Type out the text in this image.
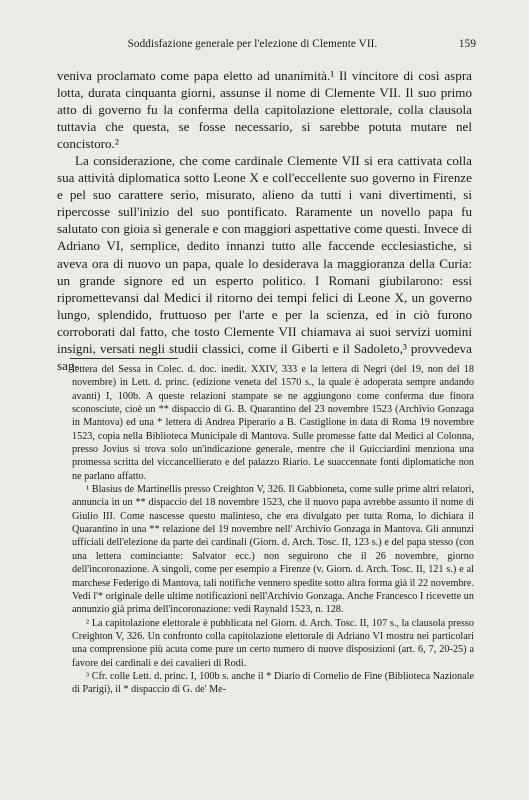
Soddisfazione generale per l'elezione di Clemente VII.	159

veniva proclamato come papa eletto ad unanimità.¹ Il vincitore di così aspra lotta, durata cinquanta giorni, assunse il nome di Clemente VII. Il suo primo atto di governo fu la conferma della capitolazione elettorale, colla clausola tuttavia che questa, se fosse necessario, si sarebbe potuta mutare nel concistoro.²

La considerazione, che come cardinale Clemente VII si era cattivata colla sua attività diplomatica sotto Leone X e coll'eccellente suo governo in Firenze e pel suo carattere serio, misurato, alieno da tutti i vani divertimenti, si ripercosse sull'inizio del suo pontificato. Raramente un novello papa fu salutato con gioia sì generale e con maggiori aspettative come questi. Invece di Adriano VI, semplice, dedito innanzi tutto alle faccende ecclesiastiche, si aveva ora di nuovo un papa, quale lo desiderava la maggioranza della Curia: un grande signore ed un esperto politico. I Romani giubilarono: essi ripromettevansi dal Medici il ritorno dei tempi felici di Leone X, un governo lungo, splendido, fruttuoso per l'arte e per la scienza, ed in ciò furono corroborati dal fatto, che tosto Clemente VII chiamava ai suoi servizi uomini insigni, versati negli studii classici, come il Giberti e il Sadoleto,³ provvedeva sag-

lettera del Sessa in Colec. d. doc. inedit. XXIV, 333 e la lettera di Negri (del 19, non del 18 novembre) in Lett. d. princ. (edizione veneta del 1570 s., la quale è adoperata sempre andando avanti) I, 100b. A queste relazioni stampate se ne aggiungono come conferma due finora sconosciute, cioè un ** dispaccio di G. B. Quarantino del 23 novembre 1523 (Archivio Gonzaga in Mantova) ed una * lettera di Andrea Piperario a B. Castiglione in data di Roma 19 novembre 1523, copia nella Biblioteca Municipale di Mantova. Sulle promesse fatte dal Medici al Colonna, presso Jovius si trova solo un'indicazione generale, mentre che il Guicciardini menziona una promessa scritta del viccancellierato e del palazzo Riario. Le suaccennate fonti diplomatiche non ne parlano affatto.

¹ Blasius de Martinellis presso Creighton V, 326. Il Gabbioneta, come sulle prime altri relatori, annuncia in un ** dispaccio del 18 novembre 1523, che il nuovo papa avrebbe assunto il nome di Giulio III. Come nascesse questo malinteso, che era divulgato per tutta Roma, lo dichiara il Quarantino in una ** relazione del 19 novembre nell' Archivio Gonzaga in Mantova. Gli annunzi ufficiali dell'elezione da parte dei cardinali (Giorn. d. Arch. Tosc. II, 123 s.) e del papa stesso (con una lettera cominciante: Salvator ecc.) non seguirono che il 26 novembre, giorno dell'incoronazione. A singoli, come per esempio a Firenze (v. Giorn. d. Arch. Tosc. II, 121 s.) e al marchese Federigo di Mantova, tali notifiche vennero spedite sotto altra forma già il 22 novembre. Vedi l'* originale delle ultime notificazioni nell'Archivio Gonzaga. Anche Francesco I ricevette un annunzio già prima dell'incoronazione: vedi Raynald 1523, n. 128.

² La capitolazione elettorale è pubblicata nel Giorn. d. Arch. Tosc. II, 107 s., la clausola presso Creighton V, 326. Un confronto colla capitolazione elettorale di Adriano VI mostra nei particolari una comprensione più acuta come pure un certo numero di nuove disposizioni (art. 6, 7, 20-25) a favore dei cardinali e dei cavalieri di Rodi.

³ Cfr. colle Lett. d. princ. I, 100b s. anche il * Diario di Cornelio de Fine (Biblioteca Nazionale di Parigi), il * dispaccio di G. de' Me-
